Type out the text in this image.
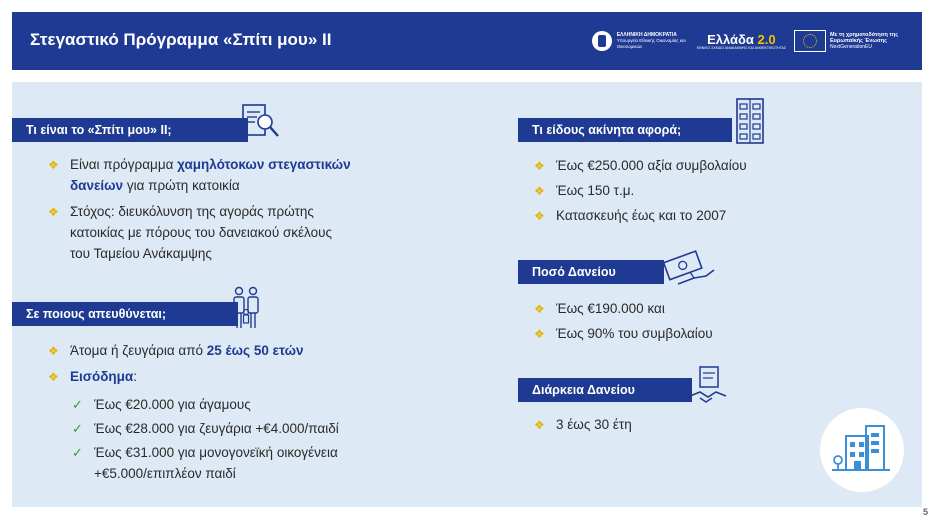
Στεγαστικό Πρόγραμμα «Σπίτι μου» ΙΙ	ΕΛΛΗΝΙΚΗ ΔΗΜΟΚΡΑΤΙΑ
Υπουργείο Εθνικής Οικονομίας και Οικονομικών	Ελλάδα 2.0
ΕΘΝΙΚΟ ΣΧΕΔΙΟ ΑΝΑΚΑΜΨΗΣ ΚΑΙ ΑΝΘΕΚΤΙΚΟΤΗΤΑΣ
Με τη χρηματοδότηση της Ευρωπαϊκής Ένωσης
NextGenerationEU
Τι είναι το «Σπίτι μου» ΙΙ;
❖ Είναι πρόγραμμα χαμηλότοκων στεγαστικών
δανείων για πρώτη κατοικία
❖ Στόχος: διευκόλυνση της αγοράς πρώτης
κατοικίας με πόρους του δανειακού σκέλους
του Ταμείου Ανάκαμψης
Σε ποιους απευθύνεται;
❖ Άτομα ή ζευγάρια από 25 έως 50 ετών
❖ Εισόδημα:
✓ Έως €20.000 για άγαμους
✓ Έως €28.000 για ζευγάρια +€4.000/παιδί
✓ Έως €31.000 για μονογονεϊκή οικογένεια
+€5.000/επιπλέον παιδί
Τι είδους ακίνητα αφορά;
❖ Έως €250.000 αξία συμβολαίου
❖ Έως 150 τ.μ.
❖ Κατασκευής έως και το 2007
Ποσό Δανείου
❖ Έως €190.000 και
❖ Έως 90% του συμβολαίου
Διάρκεια Δανείου
❖ 3 έως 30 έτη
5
